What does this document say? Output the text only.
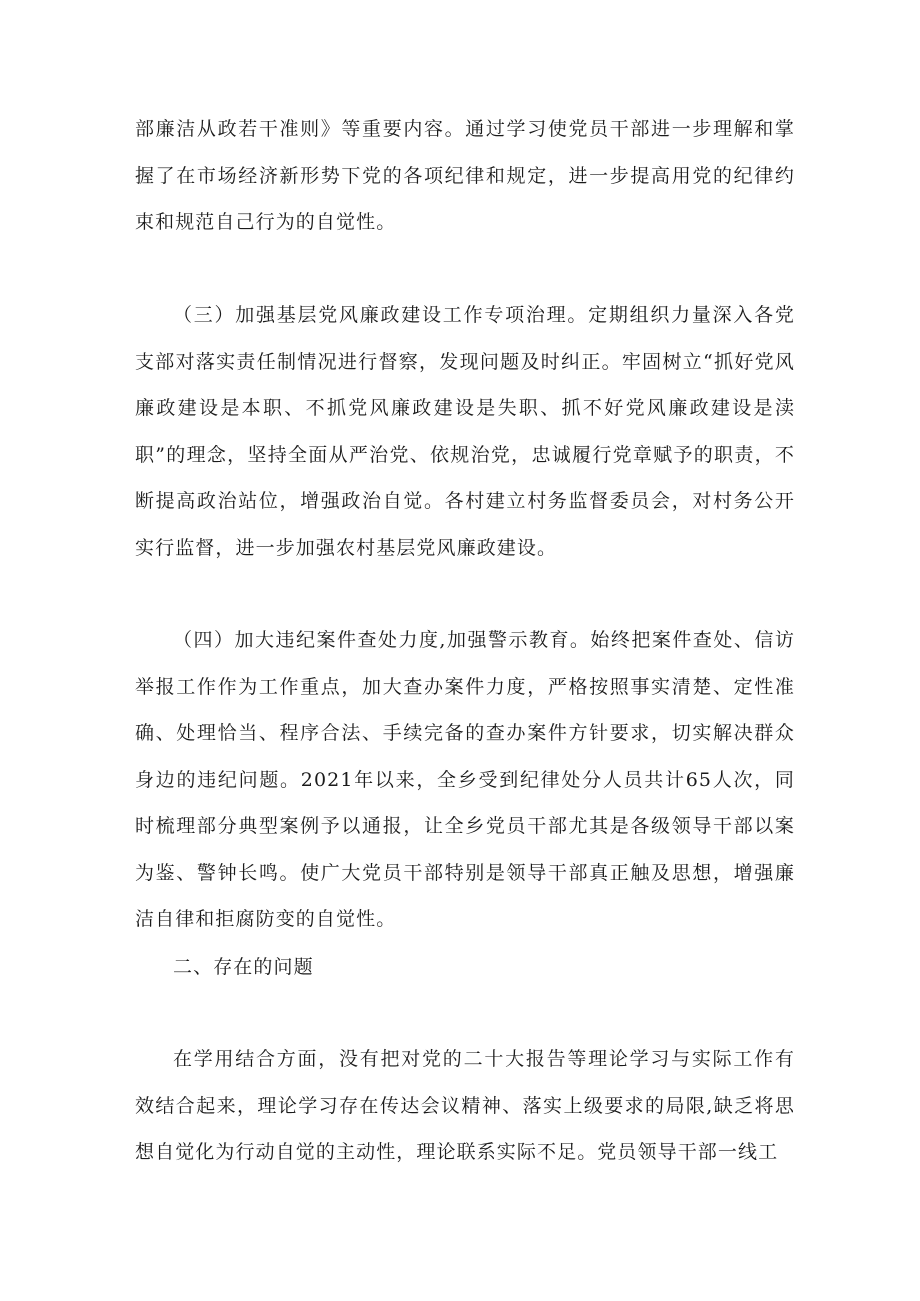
部廉洁从政若干准则》等重要内容。通过学习使党员干部进一步理解和掌握了在市场经济新形势下党的各项纪律和规定，进一步提高用党的纪律约束和规范自己行为的自觉性。

（三）加强基层党风廉政建设工作专项治理。定期组织力量深入各党支部对落实责任制情况进行督察，发现问题及时纠正。牢固树立“抓好党风廉政建设是本职、不抓党风廉政建设是失职、抓不好党风廉政建设是渎职”的理念，坚持全面从严治党、依规治党，忠诚履行党章赋予的职责，不断提高政治站位，增强政治自觉。各村建立村务监督委员会，对村务公开实行监督，进一步加强农村基层党风廉政建设。

（四）加大违纪案件查处力度,加强警示教育。始终把案件查处、信访举报工作作为工作重点，加大查办案件力度，严格按照事实清楚、定性准确、处理恰当、程序合法、手续完备的查办案件方针要求，切实解决群众身边的违纪问题。2021年以来，全乡受到纪律处分人员共计65人次，同时梳理部分典型案例予以通报，让全乡党员干部尤其是各级领导干部以案为鉴、警钟长鸣。使广大党员干部特别是领导干部真正触及思想，增强廉洁自律和拒腐防变的自觉性。

二、存在的问题

在学用结合方面，没有把对党的二十大报告等理论学习与实际工作有效结合起来，理论学习存在传达会议精神、落实上级要求的局限,缺乏将思想自觉化为行动自觉的主动性，理论联系实际不足。党员领导干部一线工
